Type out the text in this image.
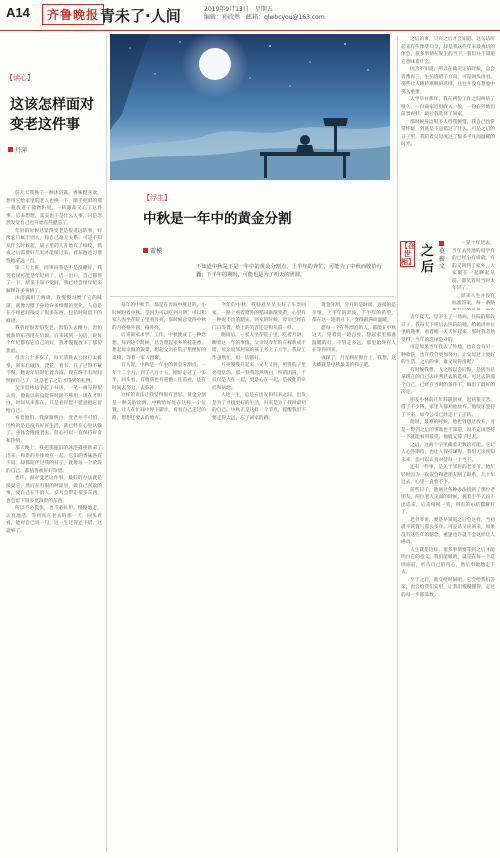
A14	齐鲁晚报 青未了·人间	2019年9月13日　星期五
编辑：孙欣然　邮箱：qlwbcyou@163.com
【读心】
这该怎样面对
变老这件事
丹萍

前几天我换了一种沐浴露，香味挺喜欢，想用它给家里的老人也换一下，顺手把旧的那一瓶放进了储物柜里，一转眼却又忘了这件事。后来想想，其实也不是什么大事，只是忽然发觉自己也开始有些健忘了。

年轻的时候总觉得变老是很遥远的事，好像它只属于别人，和自己毫无关系。可是不知从什么时候起，镜子里的人开始有了细纹，熬夜之后需要好几天才能缓过来，看东西也习惯性地拿远一点。

第二天上班，同事问我是不是没睡好，我笑着说可能是年纪到了。话一出口，自己都愣了一下，原来不知不觉间，我已经会用年纪来解释许多事情了。

沐浴露用了两周，我慢慢习惯了它的味道，就像习惯了身边许多细微的变化。人总是在不经意间接受了很多东西，包括时间留下的痕迹。

我曾经很害怕变老，害怕失去精力，害怕被新的东西甩在后面。后来读到一句话，说每个年纪都有它自己的好，我才慢慢放下了那份焦虑。

母亲六十多岁了，每天清晨去公园打太极拳，回来后做饭、浇花、看书，日子过得不紧不慢。她说年轻时忙着奔波，现在终于有时间照顾自己了，这是老了之后才得到的礼物。

父亲退休后学起了书法，一笔一画写得很认真。他说以前总觉得时间不够用，现在才明白，时间从来都在，只是看你愿不愿意把它留给自己。

看着他们，我渐渐明白，变老并不可怕，可怕的是还没有好好生活，就已经在心里认输了。身体会慢慢老去，但心可以一直保持好奇和热情。

那天晚上，我把那瓶旧的沐浴露重新拿了出来，和新的并排放在一起。它们的香味各有不同，却都陪伴过我的日子，就像每一个阶段的自己，都值得被好好珍惜。

也许，面对变老这件事，最好的办法就是接受它，然后在有限的时间里，做自己喜欢的事，爱自己在乎的人。岁月会带走很多东西，也会留下很多更珍贵的东西。

所以不必慌张，也不必抗拒。慢慢地走，认真地活，等到真正老去的那一天，回头看看，能对自己说一句，这一生过得还不错，这就够了。

【浮生】
中秋是一年中的黄金分割
雷模
不知道中秋是不是一年中的黄金分割点，上半年的奔忙，可能为了中秋而收拾行囊；下半年的期盼，可能也是为了明天的团圆。

每年的中秋节，都是在奔波中度过的。小时候盼着中秋，是因为可以吃到月饼，可以和家人围坐在院子里看月亮，那时候总觉得中秋的月亮格外圆，格外亮。

后来离家求学、工作，中秋便成了一种念想。每到这个时候，总会想起家乡的桂花香，想起母亲做的饭菜，想起父亲在院子里摆好的桌椅，等着一家人团聚。

有人说，中秋是一年中的黄金分割点。一年十二个月，到了八月十五，刚好走过了一多半，回头看，有收获也有遗憾；往前看，还有时间去努力，去弥补。

这样的说法让我觉得很有意思。黄金分割是一种美的比例，中秋恰好处在这样一个位置，让人在忙碌中停下脚步，看看自己走过的路，想想还要去的地方。

今年的中秋，我特意早早买好了车票回家。一路上看着窗外的稻田渐渐变黄，心里有一种说不出的踏实。到家的时候，母亲已经在门口等着，脸上的笑容还是和从前一样。

晚饭后，一家人坐在院子里，吃着月饼，聊着这一年的事情。父亲说今年的庄稼收成不错，母亲说邻居家的孩子考上了大学，我说工作虽然忙，但一切都好。

月亮慢慢升起来，又大又圆，照得院子里亮堂堂的。那一刻我忽然明白，所谓团圆，不仅仅是人在一起，更是心在一起，是彼此的牵挂和惦念。

人这一生，总是在出发和归来之间。出发是为了寻找更好的生活，归来是为了找回最初的自己。中秋正是这样一个节点，提醒我们不要走得太远，忘了回家的路。

黄金分割，分开的是时间，连接的是亲情。上半年的奔波，下半年的希望，都在这一轮明月下，变得圆满而温暖。

愿每一个在外漂泊的人，都能在中秋这天，望着同一轮月亮，想起家里那盏温暖的灯。不管走多远，那里始终有人在等你回来。

夜深了，月光洒在窗台上，我想，这大概就是中秋最美的样子吧。

之后的事，只有之后才会知道。这句话听起来有些像绕口令，却是我这些年来最真切的体会。很多事情在发生的当下，我们并不知道它意味着什么。

因为不知道，所以在做决定的时候，总会犹豫再三，生怕选错了方向。可是回头再看，那些让人辗转难眠的选择，往往并没有想象中那么重要。

大学毕业那年，我在两份工作之间纠结了很久，一份离家近但收入一般，一份在外地但前景看好，最后我选择了回家。

那时候身边很多人替我惋惜，我自己也常常怀疑，到底是不是错过了什么。可是之后的日子里，我陪着父母度过了很多平凡而温暖的时光。

【在世相】
之后
莫蕲文

一晃十年过去，当年去外地的同学有的已经小有成就，有的又回到了家乡，大家聚在一起聊起从前，都笑着说当时太年轻了。

原来人生并没有标准答案，每一条路

去年夏天，母亲生了一场病，住院的那段日子，我每天下班后去医院陪她，给她讲单位里的趣事，看着她一天天好起来。那时我忽然觉得，当年的选择是对的。

可是如果当年我去了外地，也许会有另一种收获，也许我会更加努力，让父母过上更好的生活。之后的事，谁又说得清呢？

有时候我想，人之所以会后悔，是因为总拿现在的自己去评判过去的选择。可过去的那个自己，已经在当时的条件下，做出了最好的决定。

朋友小林前几年辞职创业，起初很辛苦，借了不少钱，家里人都劝他放弃。他咬牙坚持了下来，如今公司已经走上了正轨。

他说，最难的时候，他也曾想过放弃，可是一想到之后的事谁也不知道，说不定再坚持一下就能看到希望，他就又撑了过去。

之后，这两个字里藏着无数的可能。它让人心怀期待，也让人保持谦卑。我们无法预知未来，但可以认真对待每一个当下。

还有一件事，是关于邻居的老爷爷。他年轻时因为一次误会和老朋友断了联系，几十年过去，心里一直放不下。

前些日子，他通过各种办法找到了那位老朋友，两位老人见面的时候，握着手半天说不出话来，后来相视一笑，所有的心结都解开了。

老爷爷说，要是早知道之后会这样，当初就不该置气那么多年。可是话又说回来，如果没有这些年的惦念，重逢也许就不会这样让人感动。

人生就是这样，很多事情要等到之后才能明白它的意义。我们能做的，就是在每一个选择面前，听从自己的内心，然后勇敢地走下去。

至于之后，就交给时间吧。它会给我们答案，也会给我们安慰，让我们慢慢懂得，走过的每一步都算数。
